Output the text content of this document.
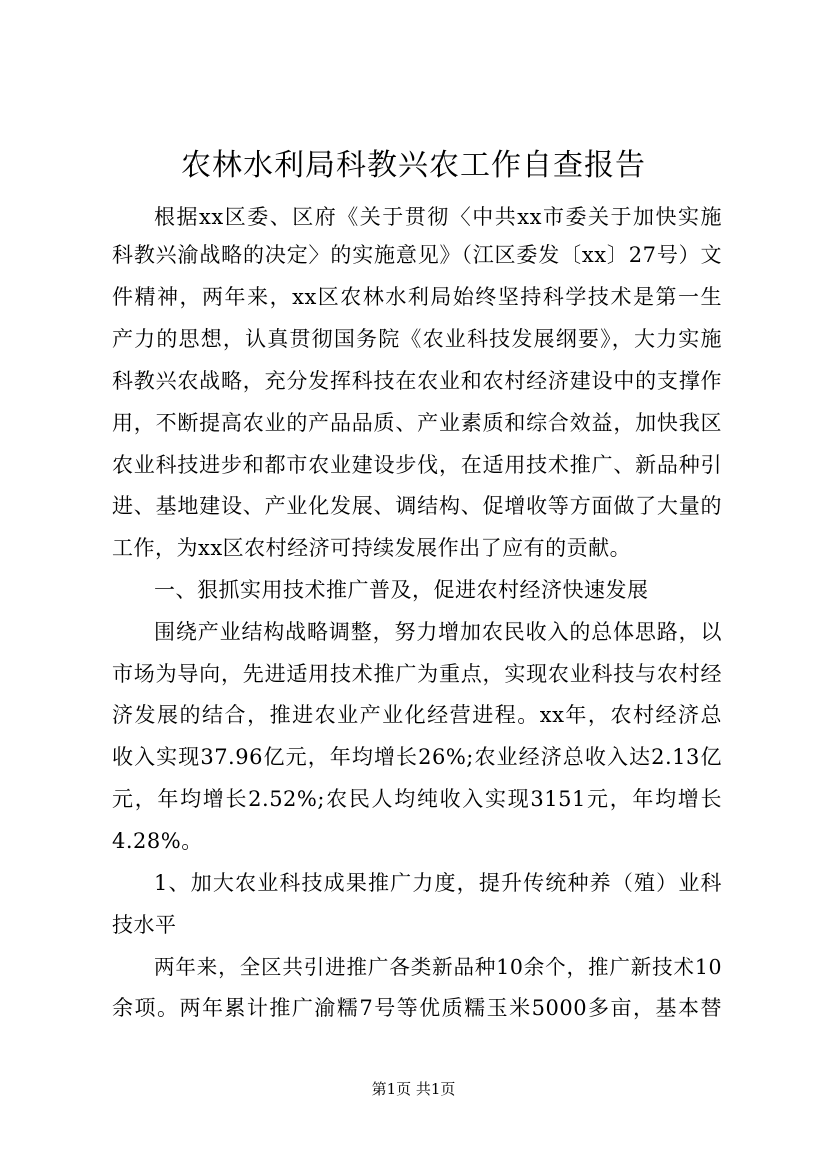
农林水利局科教兴农工作自查报告
根据xx区委、区府《关于贯彻〈中共xx市委关于加快实施
科教兴渝战略的决定〉的实施意见》（江区委发〔xx〕27号）文
件精神，两年来，xx区农林水利局始终坚持科学技术是第一生
产力的思想，认真贯彻国务院《农业科技发展纲要》，大力实施
科教兴农战略，充分发挥科技在农业和农村经济建设中的支撑作
用，不断提高农业的产品品质、产业素质和综合效益，加快我区
农业科技进步和都市农业建设步伐，在适用技术推广、新品种引
进、基地建设、产业化发展、调结构、促增收等方面做了大量的
工作，为xx区农村经济可持续发展作出了应有的贡献。
一、狠抓实用技术推广普及，促进农村经济快速发展
围绕产业结构战略调整，努力增加农民收入的总体思路，以
市场为导向，先进适用技术推广为重点，实现农业科技与农村经
济发展的结合，推进农业产业化经营进程。xx年，农村经济总
收入实现37.96亿元，年均增长26%;农业经济总收入达2.13亿
元，年均增长2.52%;农民人均纯收入实现3151元，年均增长
4.28%。
1、加大农业科技成果推广力度，提升传统种养（殖）业科
技水平
两年来，全区共引进推广各类新品种10余个，推广新技术10
余项。两年累计推广渝糯7号等优质糯玉米5000多亩，基本替
第1页 共1页
